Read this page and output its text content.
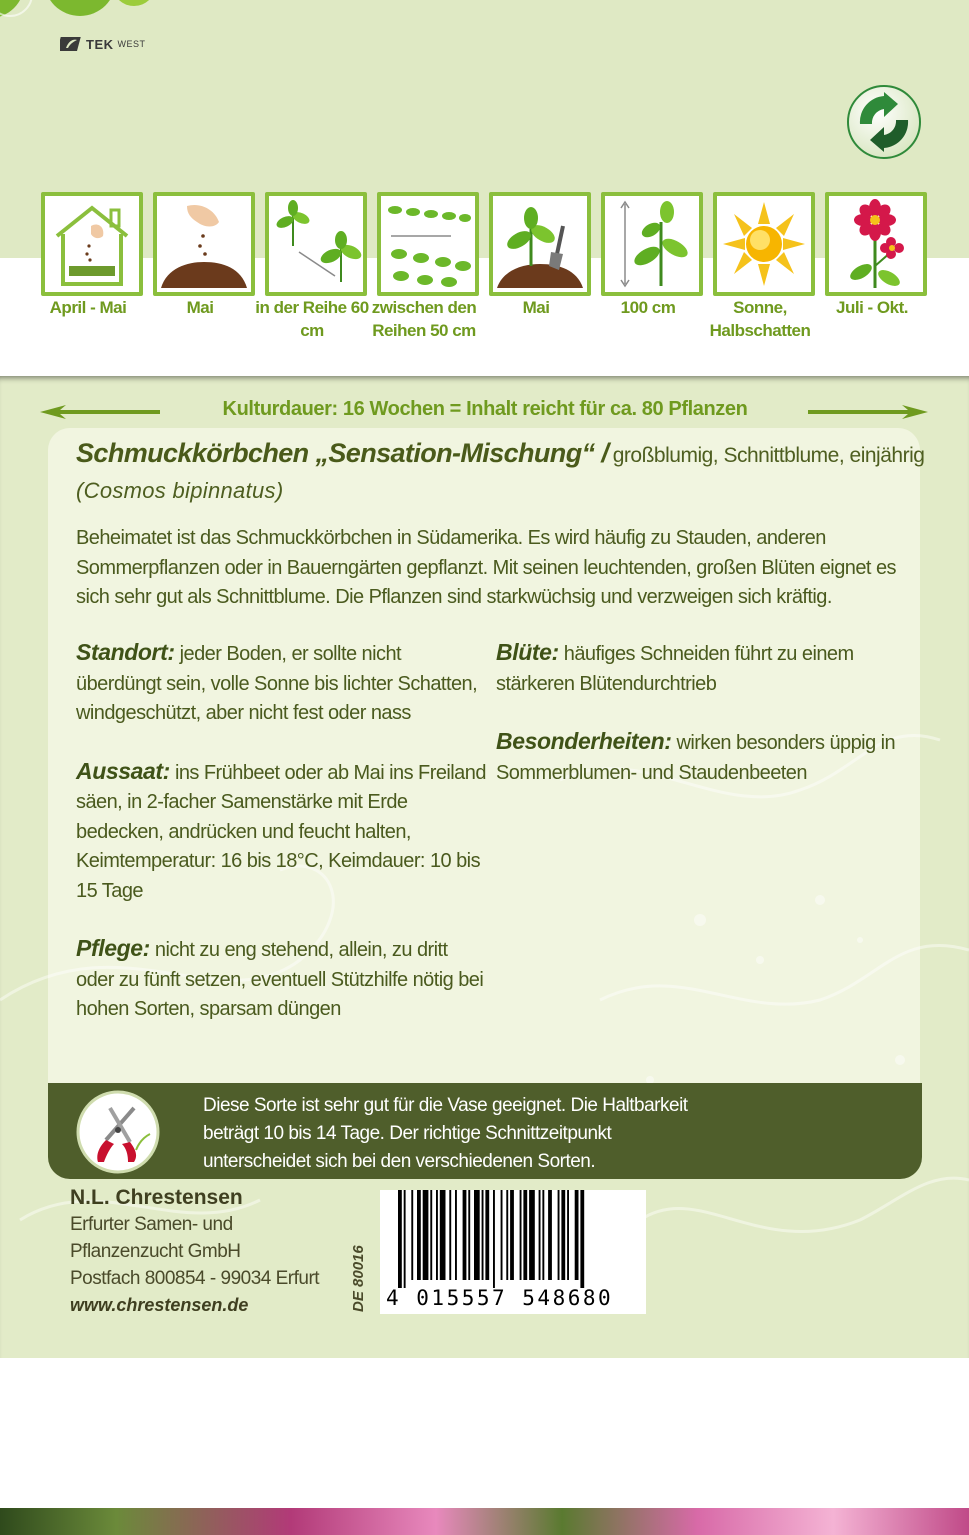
TEK WEST
April - Mai	Mai	in der Reihe 60 cm
zwischen den Reihen 50 cm
Mai	100 cm	Sonne, Halbschatten
Juli - Okt.
Kulturdauer: 16 Wochen = Inhalt reicht für ca. 80 Pflanzen
Schmuckkörbchen „Sensation-Mischung“ / großblumig, Schnittblume, einjährig
(Cosmos bipinnatus)
Beheimatet ist das Schmuckkörbchen in Südamerika. Es wird häufig zu Stauden, anderen Sommerpflanzen oder in Bauerngärten gepflanzt. Mit seinen leuchtenden, großen Blüten eignet es sich sehr gut als Schnittblume. Die Pflanzen sind starkwüchsig und verzweigen sich kräftig.

Standort: jeder Boden, er sollte nicht überdüngt sein, volle Sonne bis lichter Schatten, windgeschützt, aber nicht fest oder nass

Aussaat: ins Frühbeet oder ab Mai ins Freiland säen, in 2-facher Samenstärke mit Erde bedecken, andrücken und feucht halten, Keimtemperatur: 16 bis 18°C, Keimdauer: 10 bis 15 Tage

Pflege: nicht zu eng stehend, allein, zu dritt oder zu fünft setzen, eventuell Stützhilfe nötig bei hohen Sorten, sparsam düngen

Blüte: häufiges Schneiden führt zu einem stärkeren Blütendurchtrieb

Besonderheiten: wirken besonders üppig in Sommerblumen- und Staudenbeeten

Diese Sorte ist sehr gut für die Vase geeignet. Die Haltbarkeit beträgt 10 bis 14 Tage. Der richtige Schnittzeitpunkt unterscheidet sich bei den verschiedenen Sorten.
N.L. Chrestensen
Erfurter Samen- und
Pflanzenzucht GmbH
Postfach 800854 - 99034 Erfurt
www.chrestensen.de	DE 80016 4 015557 548680
